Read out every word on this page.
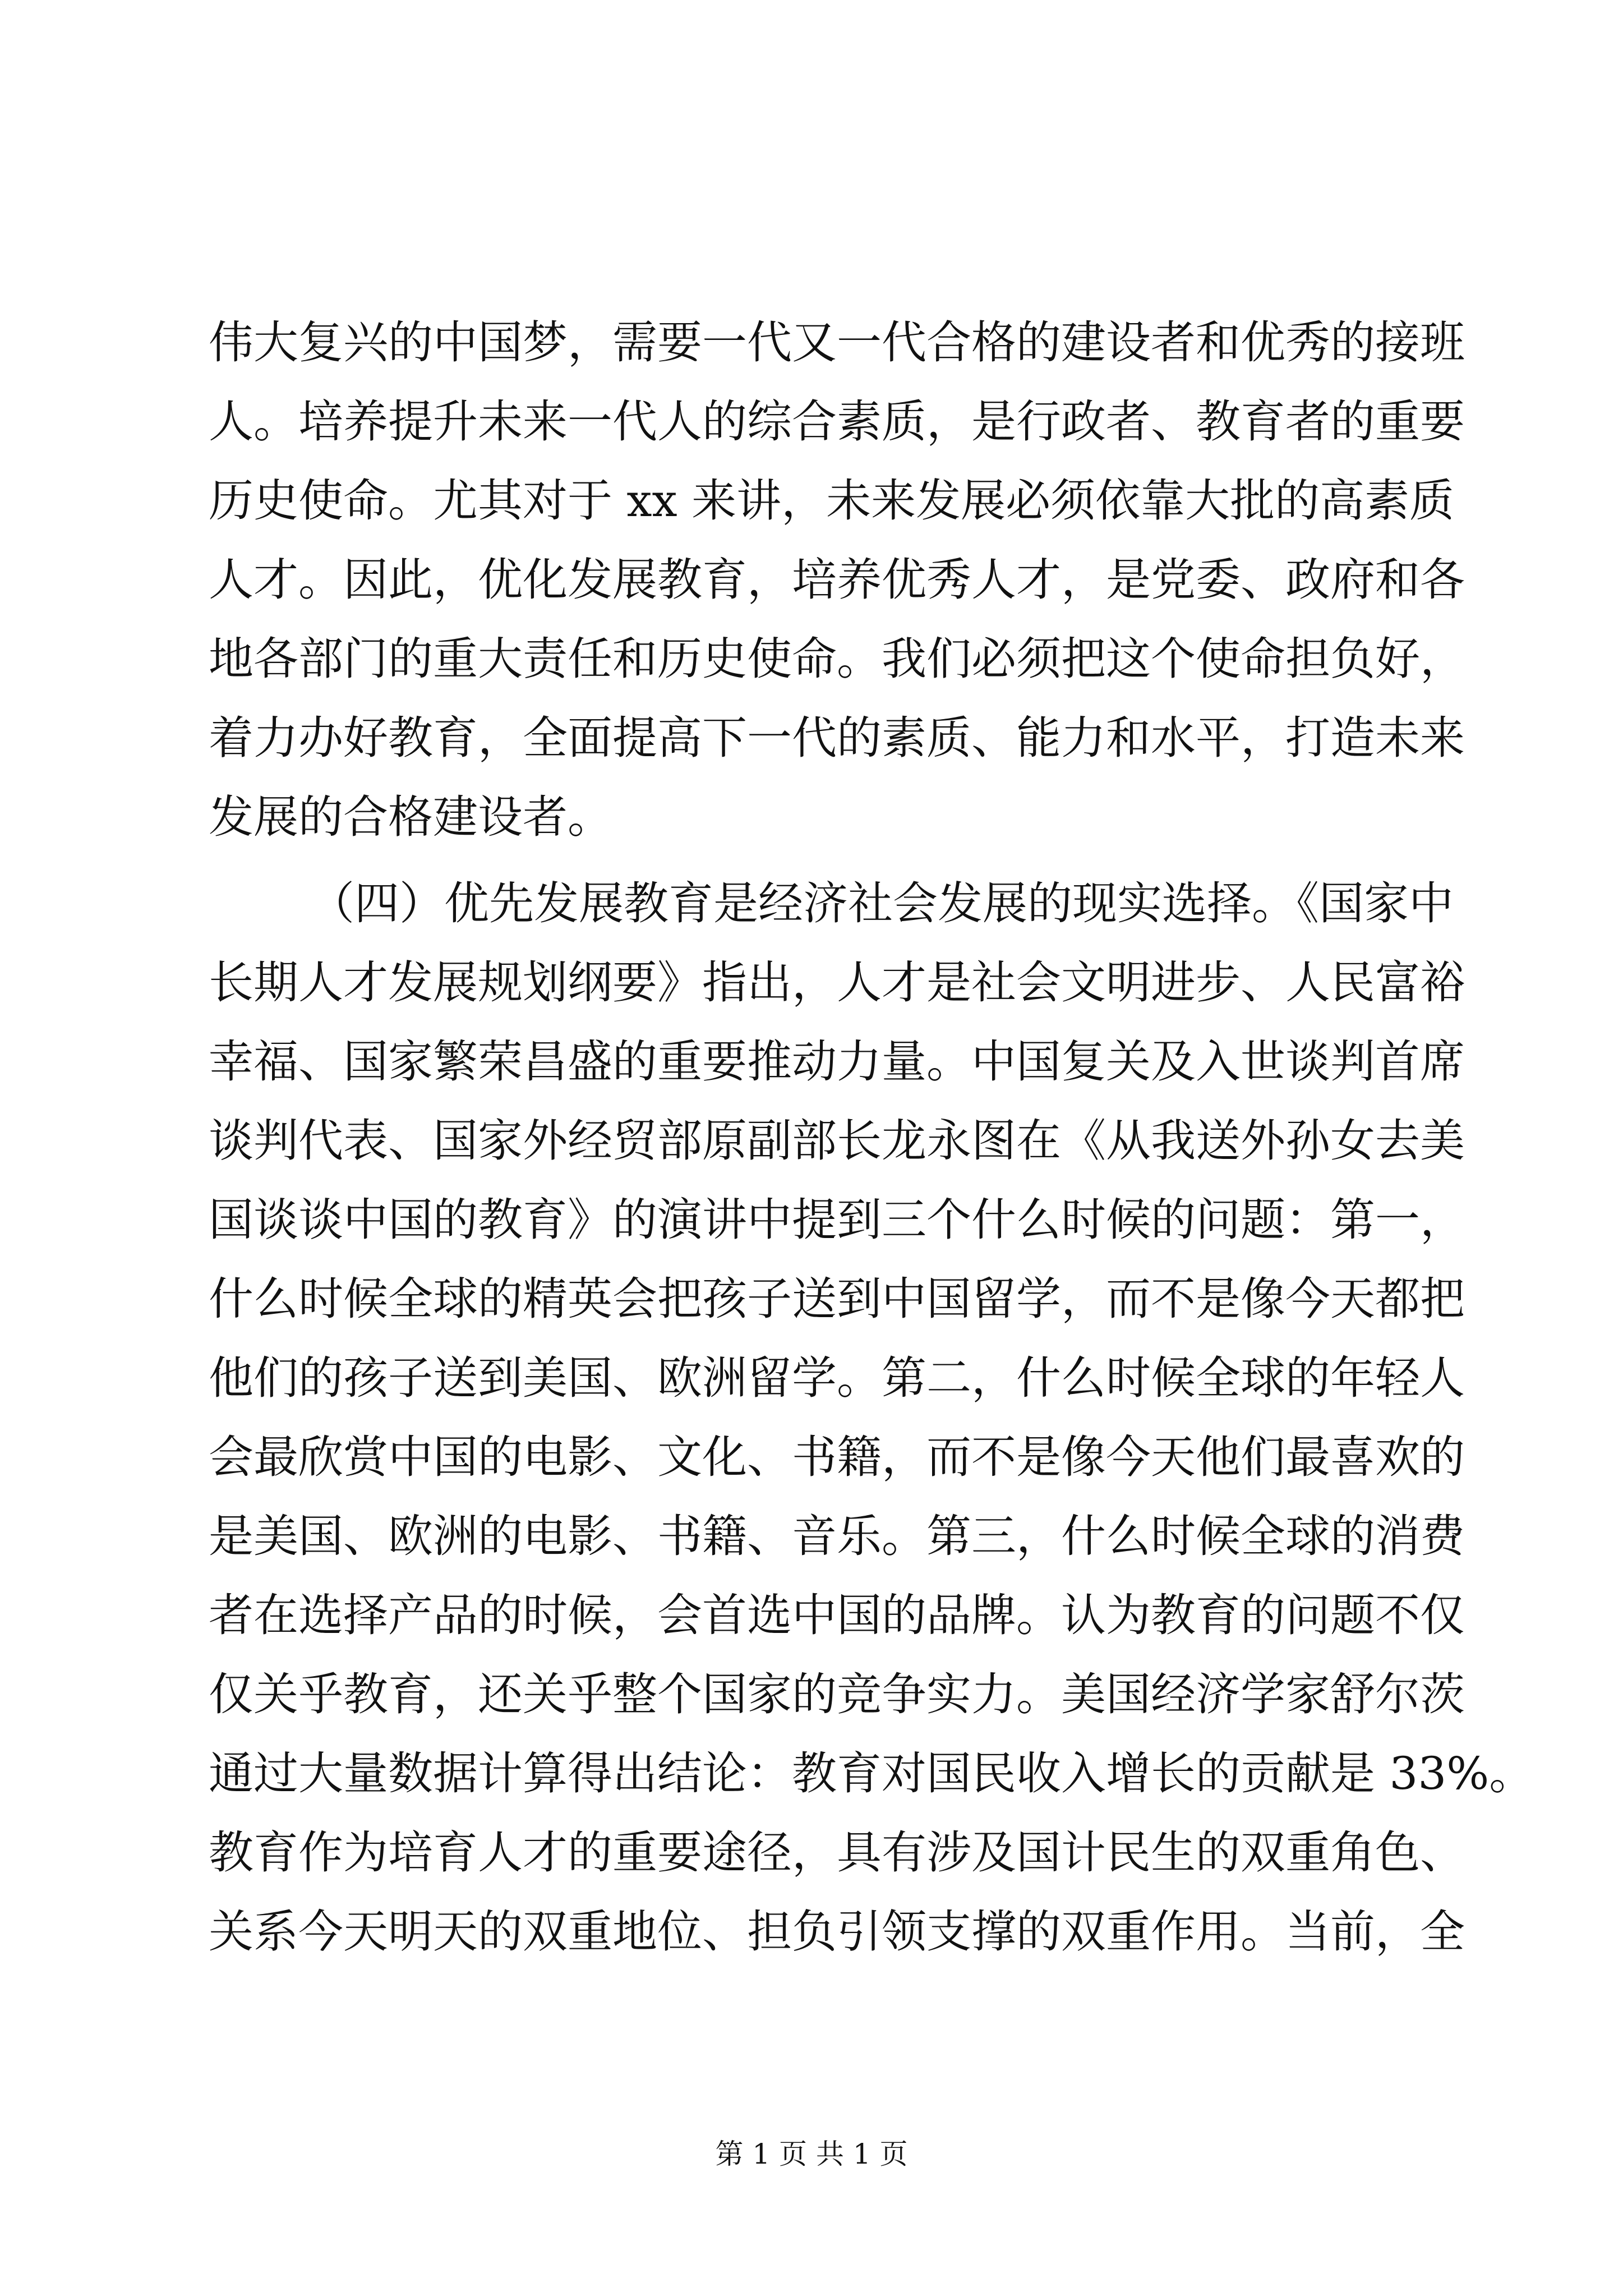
伟大复兴的中国梦，需要一代又一代合格的建设者和优秀的接班
人。培养提升未来一代人的综合素质，是行政者、教育者的重要
历史使命。尤其对于 xx 来讲，未来发展必须依靠大批的高素质
人才。因此，优化发展教育，培养优秀人才，是党委、政府和各
地各部门的重大责任和历史使命。我们必须把这个使命担负好，
着力办好教育，全面提高下一代的素质、能力和水平，打造未来
发展的合格建设者。
（四）优先发展教育是经济社会发展的现实选择。《国家中
长期人才发展规划纲要》指出，人才是社会文明进步、人民富裕
幸福、国家繁荣昌盛的重要推动力量。中国复关及入世谈判首席
谈判代表、国家外经贸部原副部长龙永图在《从我送外孙女去美
国谈谈中国的教育》的演讲中提到三个什么时候的问题：第一，
什么时候全球的精英会把孩子送到中国留学，而不是像今天都把
他们的孩子送到美国、欧洲留学。第二，什么时候全球的年轻人
会最欣赏中国的电影、文化、书籍，而不是像今天他们最喜欢的
是美国、欧洲的电影、书籍、音乐。第三，什么时候全球的消费
者在选择产品的时候，会首选中国的品牌。认为教育的问题不仅
仅关乎教育，还关乎整个国家的竞争实力。美国经济学家舒尔茨
通过大量数据计算得出结论：教育对国民收入增长的贡献是 33%。
教育作为培育人才的重要途径，具有涉及国计民生的双重角色、
关系今天明天的双重地位、担负引领支撑的双重作用。当前，全
第 1 页 共 1 页
